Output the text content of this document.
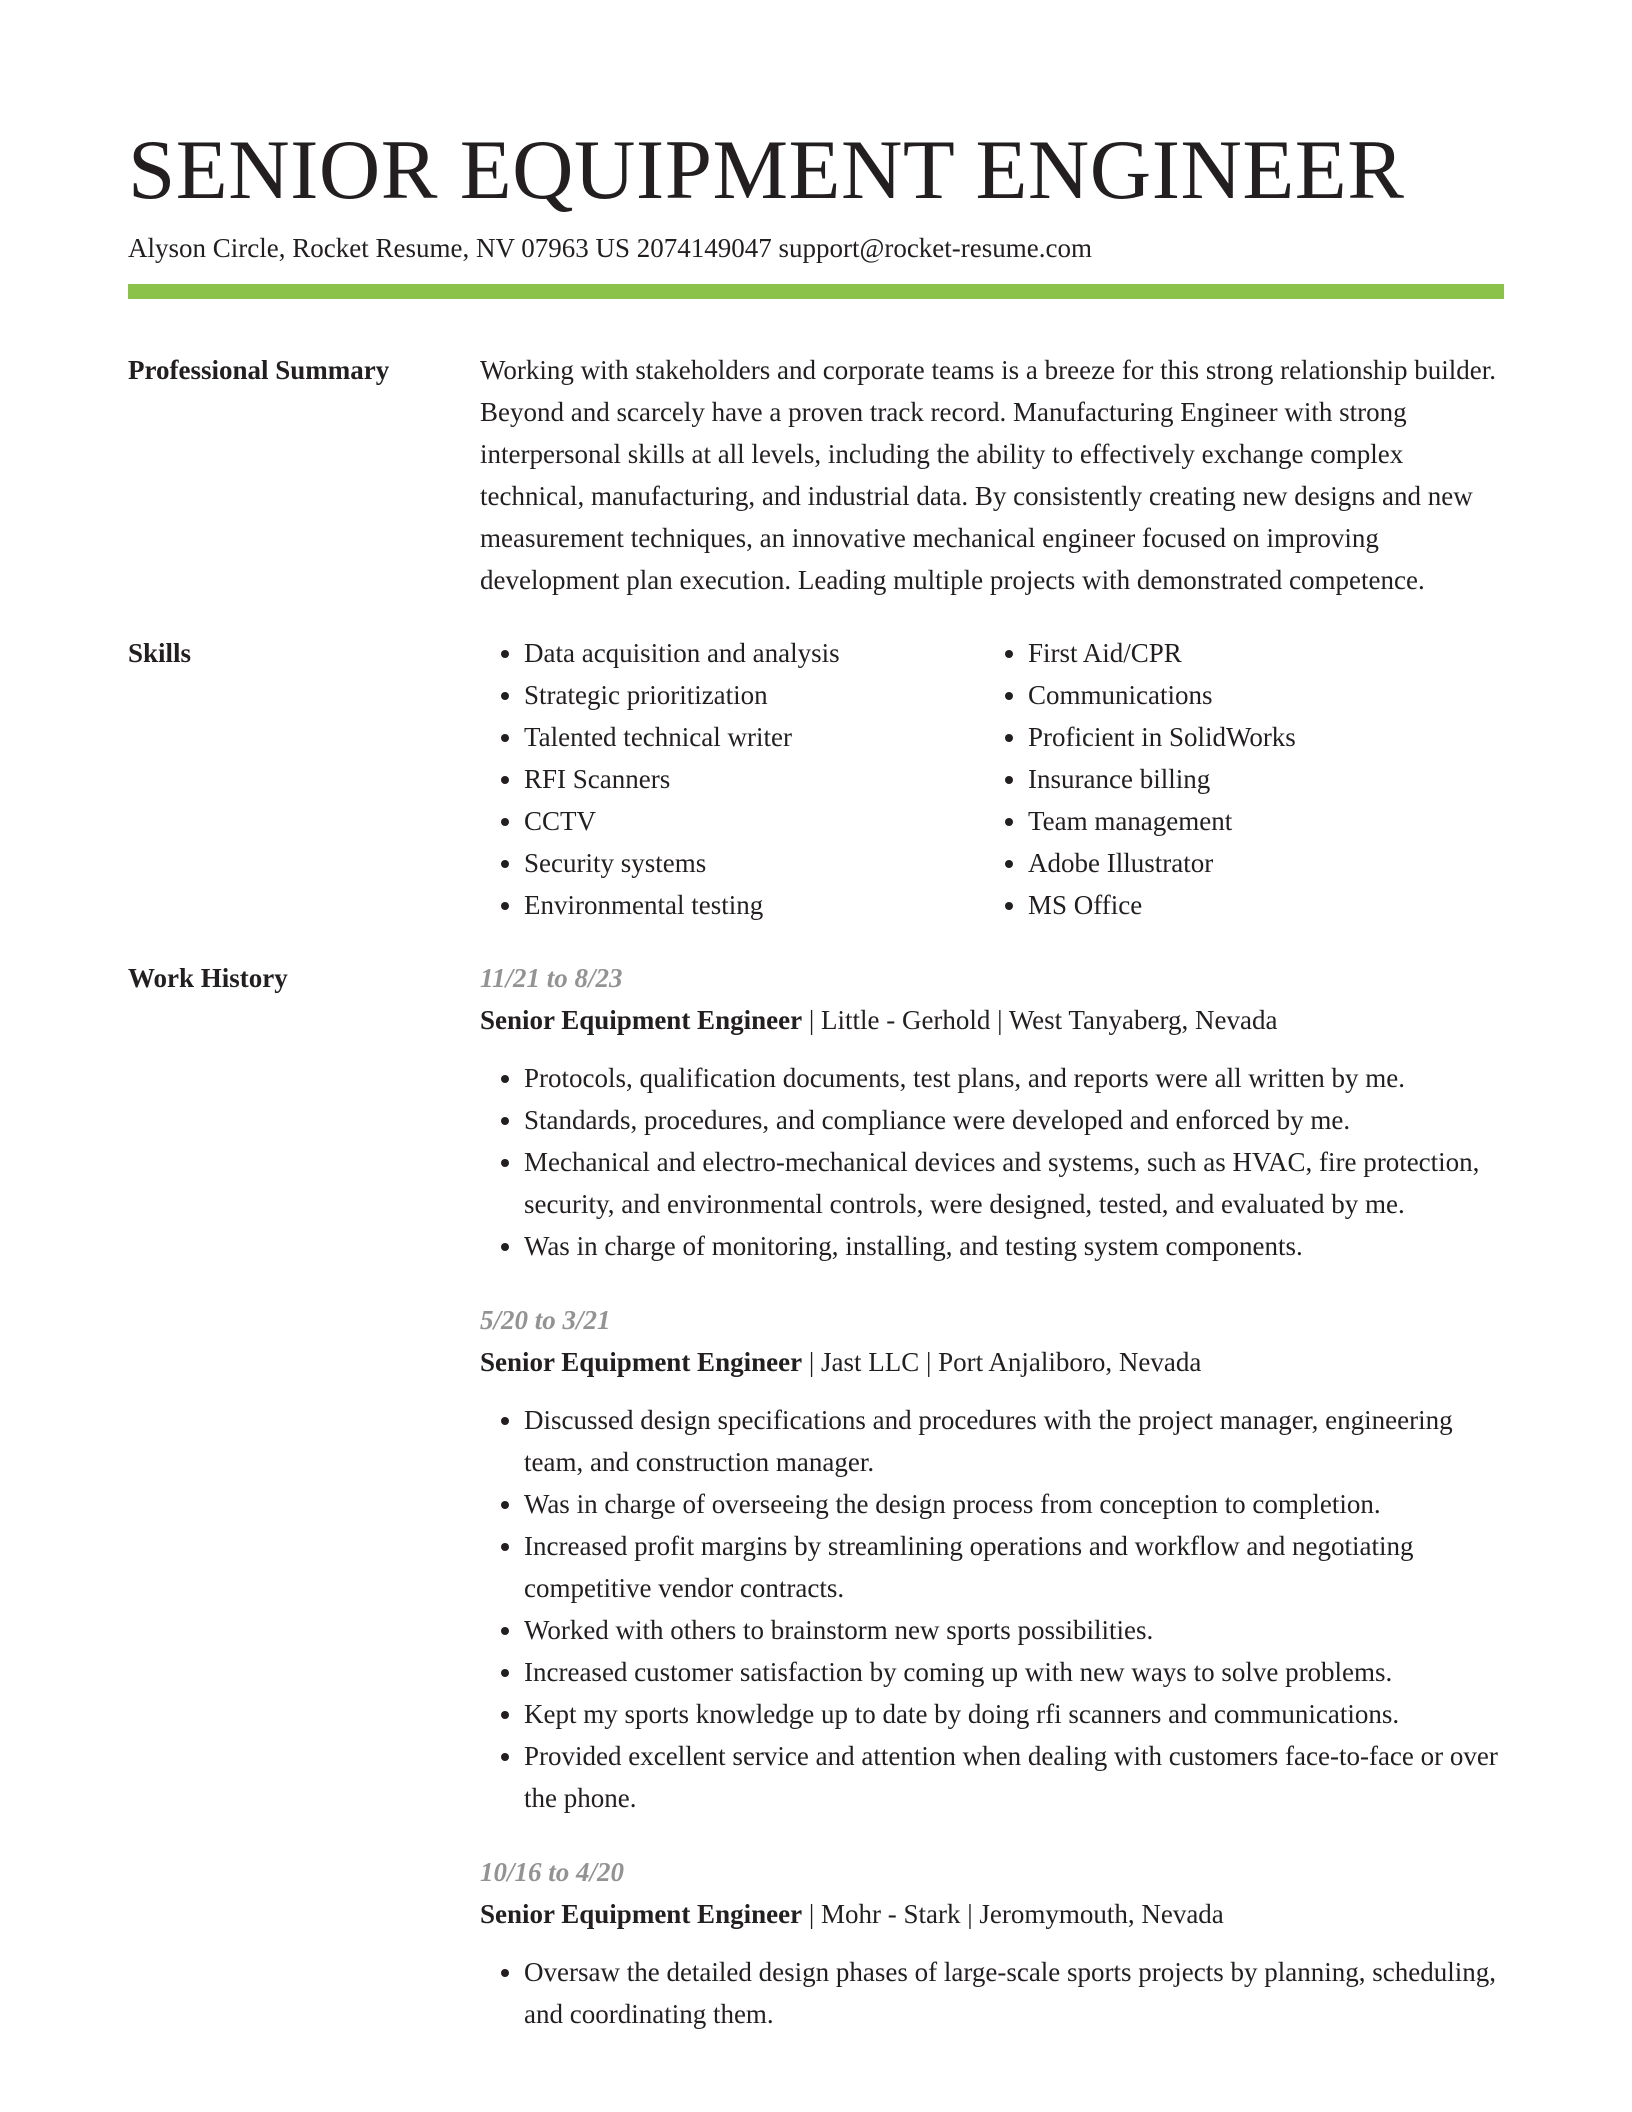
SENIOR EQUIPMENT ENGINEER
Alyson Circle, Rocket Resume, NV 07963 US 2074149047 support@rocket-resume.com
Professional Summary	Working with stakeholders and corporate teams is a breeze for this strong relationship builder. Beyond and scarcely have a proven track record. Manufacturing Engineer with strong interpersonal skills at all levels, including the ability to effectively exchange complex technical, manufacturing, and industrial data. By consistently creating new designs and new measurement techniques, an innovative mechanical engineer focused on improving development plan execution. Leading multiple projects with demonstrated competence.

Skills
•	Data acquisition and analysis
• Strategic prioritization
• Talented technical writer
• RFI Scanners
• CCTV
• Security systems
• Environmental testing
• First Aid/CPR
• Communications
• Proficient in SolidWorks
• Insurance billing
• Team management
• Adobe Illustrator
• MS Office
Work History	11/21 to 8/23
Senior Equipment Engineer | Little - Gerhold | West Tanyaberg, Nevada
• Protocols, qualification documents, test plans, and reports were all written by me.
• Standards, procedures, and compliance were developed and enforced by me.
• Mechanical and electro-mechanical devices and systems, such as HVAC, fire protection, security, and environmental controls, were designed, tested, and evaluated by me.
• Was in charge of monitoring, installing, and testing system components.
5/20 to 3/21
Senior Equipment Engineer | Jast LLC | Port Anjaliboro, Nevada
• Discussed design specifications and procedures with the project manager, engineering team, and construction manager.
• Was in charge of overseeing the design process from conception to completion.
• Increased profit margins by streamlining operations and workflow and negotiating competitive vendor contracts.
• Worked with others to brainstorm new sports possibilities.
• Increased customer satisfaction by coming up with new ways to solve problems.
• Kept my sports knowledge up to date by doing rfi scanners and communications.
• Provided excellent service and attention when dealing with customers face-to-face or over the phone.
10/16 to 4/20
Senior Equipment Engineer | Mohr - Stark | Jeromymouth, Nevada
• Oversaw the detailed design phases of large-scale sports projects by planning, scheduling, and coordinating them.
